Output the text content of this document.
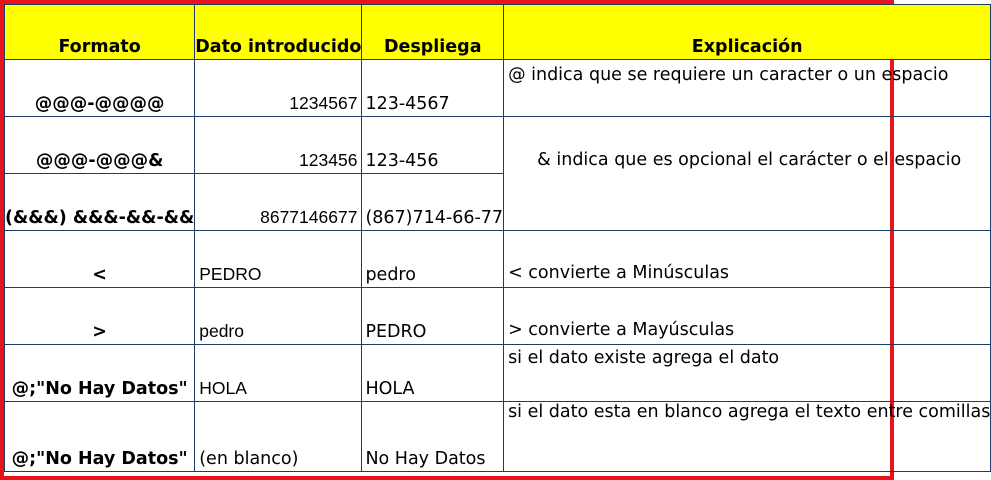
Formato	Dato introducido	Despliega	Explicación
@@@-@@@@	1234567	123-4567	@ indica que se requiere un caracter o un espacio
@@@-@@@&	123456	123-456	& indica que es opcional el carácter o el espacio
(&&&) &&&-&&-&&	8677146677	(867)714-66-77	
<	PEDRO	pedro	< convierte a Minúsculas
>	pedro	PEDRO	> convierte a Mayúsculas
@;"No Hay Datos"	HOLA	HOLA	si el dato existe agrega el dato
@;"No Hay Datos"	(en blanco)	No Hay Datos	si el dato esta en blanco agrega el texto entre comillas
